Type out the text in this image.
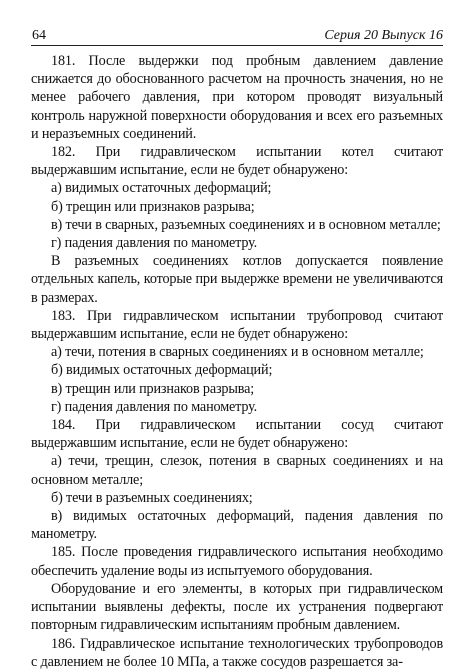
64	Серия 20 Выпуск 16

181. После выдержки под пробным давлением давление снижается до обоснованного расчетом на прочность значения, но не менее рабочего давления, при котором проводят визуальный контроль наружной поверхности оборудования и всех его разъемных и неразъемных соединений.

182. При гидравлическом испытании котел считают выдержавшим испытание, если не будет обнаружено:

а) видимых остаточных деформаций;

б) трещин или признаков разрыва;

в) течи в сварных, разъемных соединениях и в основном металле;

г) падения давления по манометру.

В разъемных соединениях котлов допускается появление отдельных капель, которые при выдержке времени не увеличиваются в размерах.

183. При гидравлическом испытании трубопровод считают выдержавшим испытание, если не будет обнаружено:

а) течи, потения в сварных соединениях и в основном металле;

б) видимых остаточных деформаций;

в) трещин или признаков разрыва;

г) падения давления по манометру.

184. При гидравлическом испытании сосуд считают выдержавшим испытание, если не будет обнаружено:

а) течи, трещин, слезок, потения в сварных соединениях и на основном металле;

б) течи в разъемных соединениях;

в) видимых остаточных деформаций, падения давления по манометру.

185. После проведения гидравлического испытания необходимо обеспечить удаление воды из испытуемого оборудования.

Оборудование и его элементы, в которых при гидравлическом испытании выявлены дефекты, после их устранения подвергают повторным гидравлическим испытаниям пробным давлением.

186. Гидравлическое испытание технологических трубопроводов с давлением не более 10 МПа, а также сосудов разрешается за-
